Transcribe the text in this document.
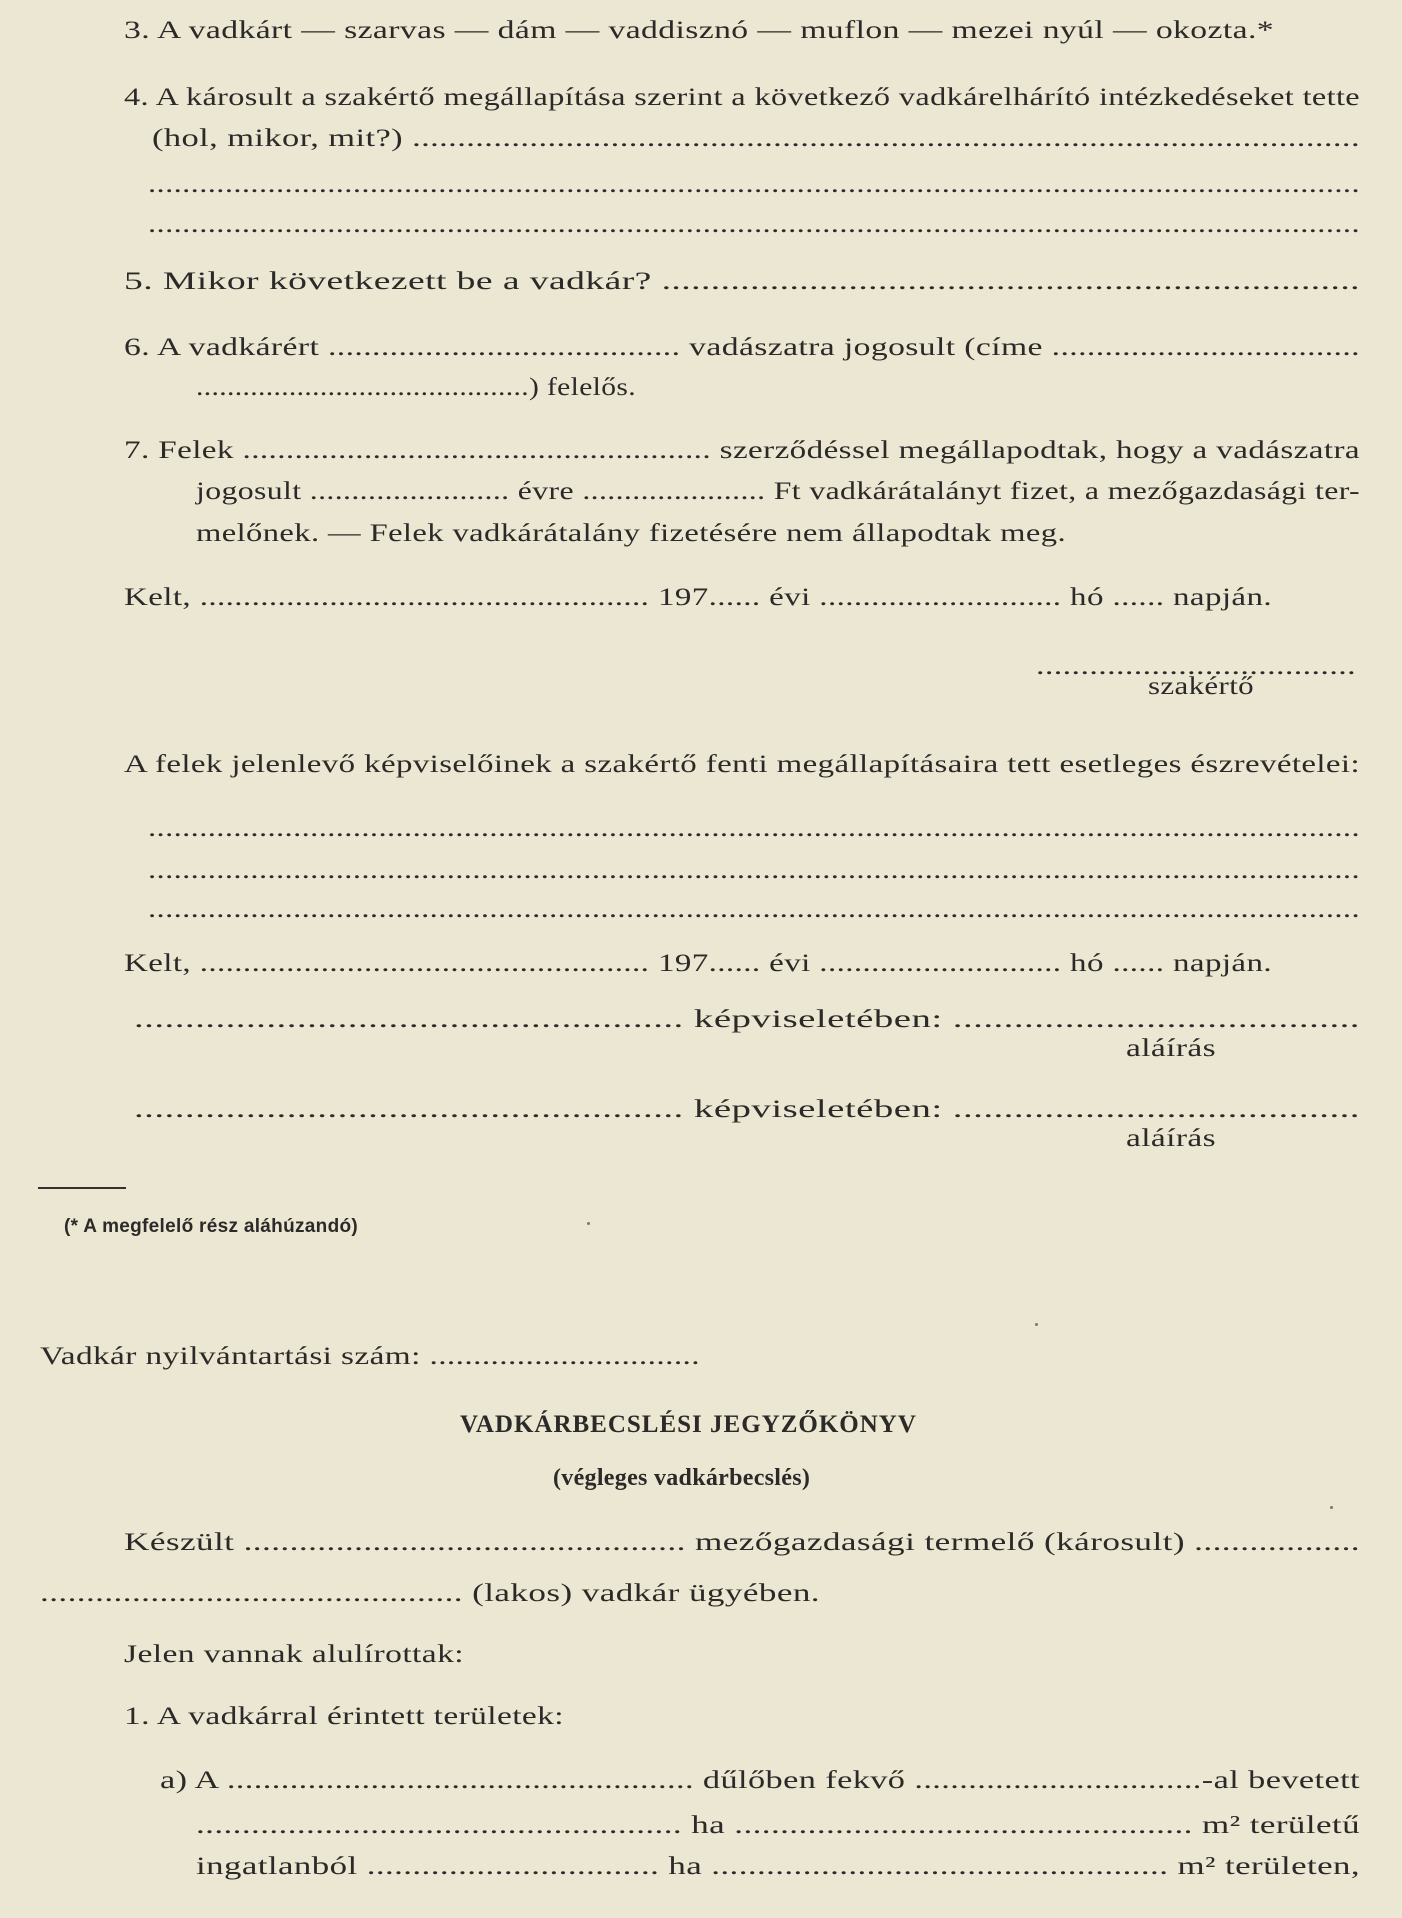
3. A vadkárt — szarvas — dám — vaddisznó — muflon — mezei nyúl — okozta.*
4. A károsult a szakértő megállapítása szerint a következő vadkárelhárító intézkedéseket tette
(hol, mikor, mit?) .........................................................................................................
..............................................................................................................................................
..............................................................................................................................................
5. Mikor következett be a vadkár? .......................................................................
6. A vadkárért ........................................ vadászatra jogosult (címe ...................................
...........................................) felelős.
7. Felek ...................................................... szerződéssel megállapodtak, hogy a vadászatra
jogosult ........................ évre ...................... Ft vadkárátalányt fizet, a mezőgazdasági ter-
melőnek. — Felek vadkárátalány fizetésére nem állapodtak meg.
Kelt, .................................................... 197...... évi ............................ hó ...... napján.
....................................
szakértő
A felek jelenlevő képviselőinek a szakértő fenti megállapításaira tett esetleges észrevételei:
..............................................................................................................................................
..............................................................................................................................................
..............................................................................................................................................
Kelt, .................................................... 197...... évi ............................ hó ...... napján.
...................................................... képviseletében: ........................................
aláírás
...................................................... képviseletében: ........................................
aláírás
Vadkár nyilvántartási szám: ...............................
Készült ................................................ mezőgazdasági termelő (károsult) ..................
.............................................. (lakos) vadkár ügyében.
Jelen vannak alulírottak:
1. A vadkárral érintett területek:
a) A .................................................... dűlőben fekvő ................................-al bevetett
..................................................... ha .................................................. m² területű
ingatlanból ................................ ha .................................................. m² területen,
(* A megfelelő rész aláhúzandó)
VADKÁRBECSLÉSI JEGYZŐKÖNYV
(végleges vadkárbecslés)
